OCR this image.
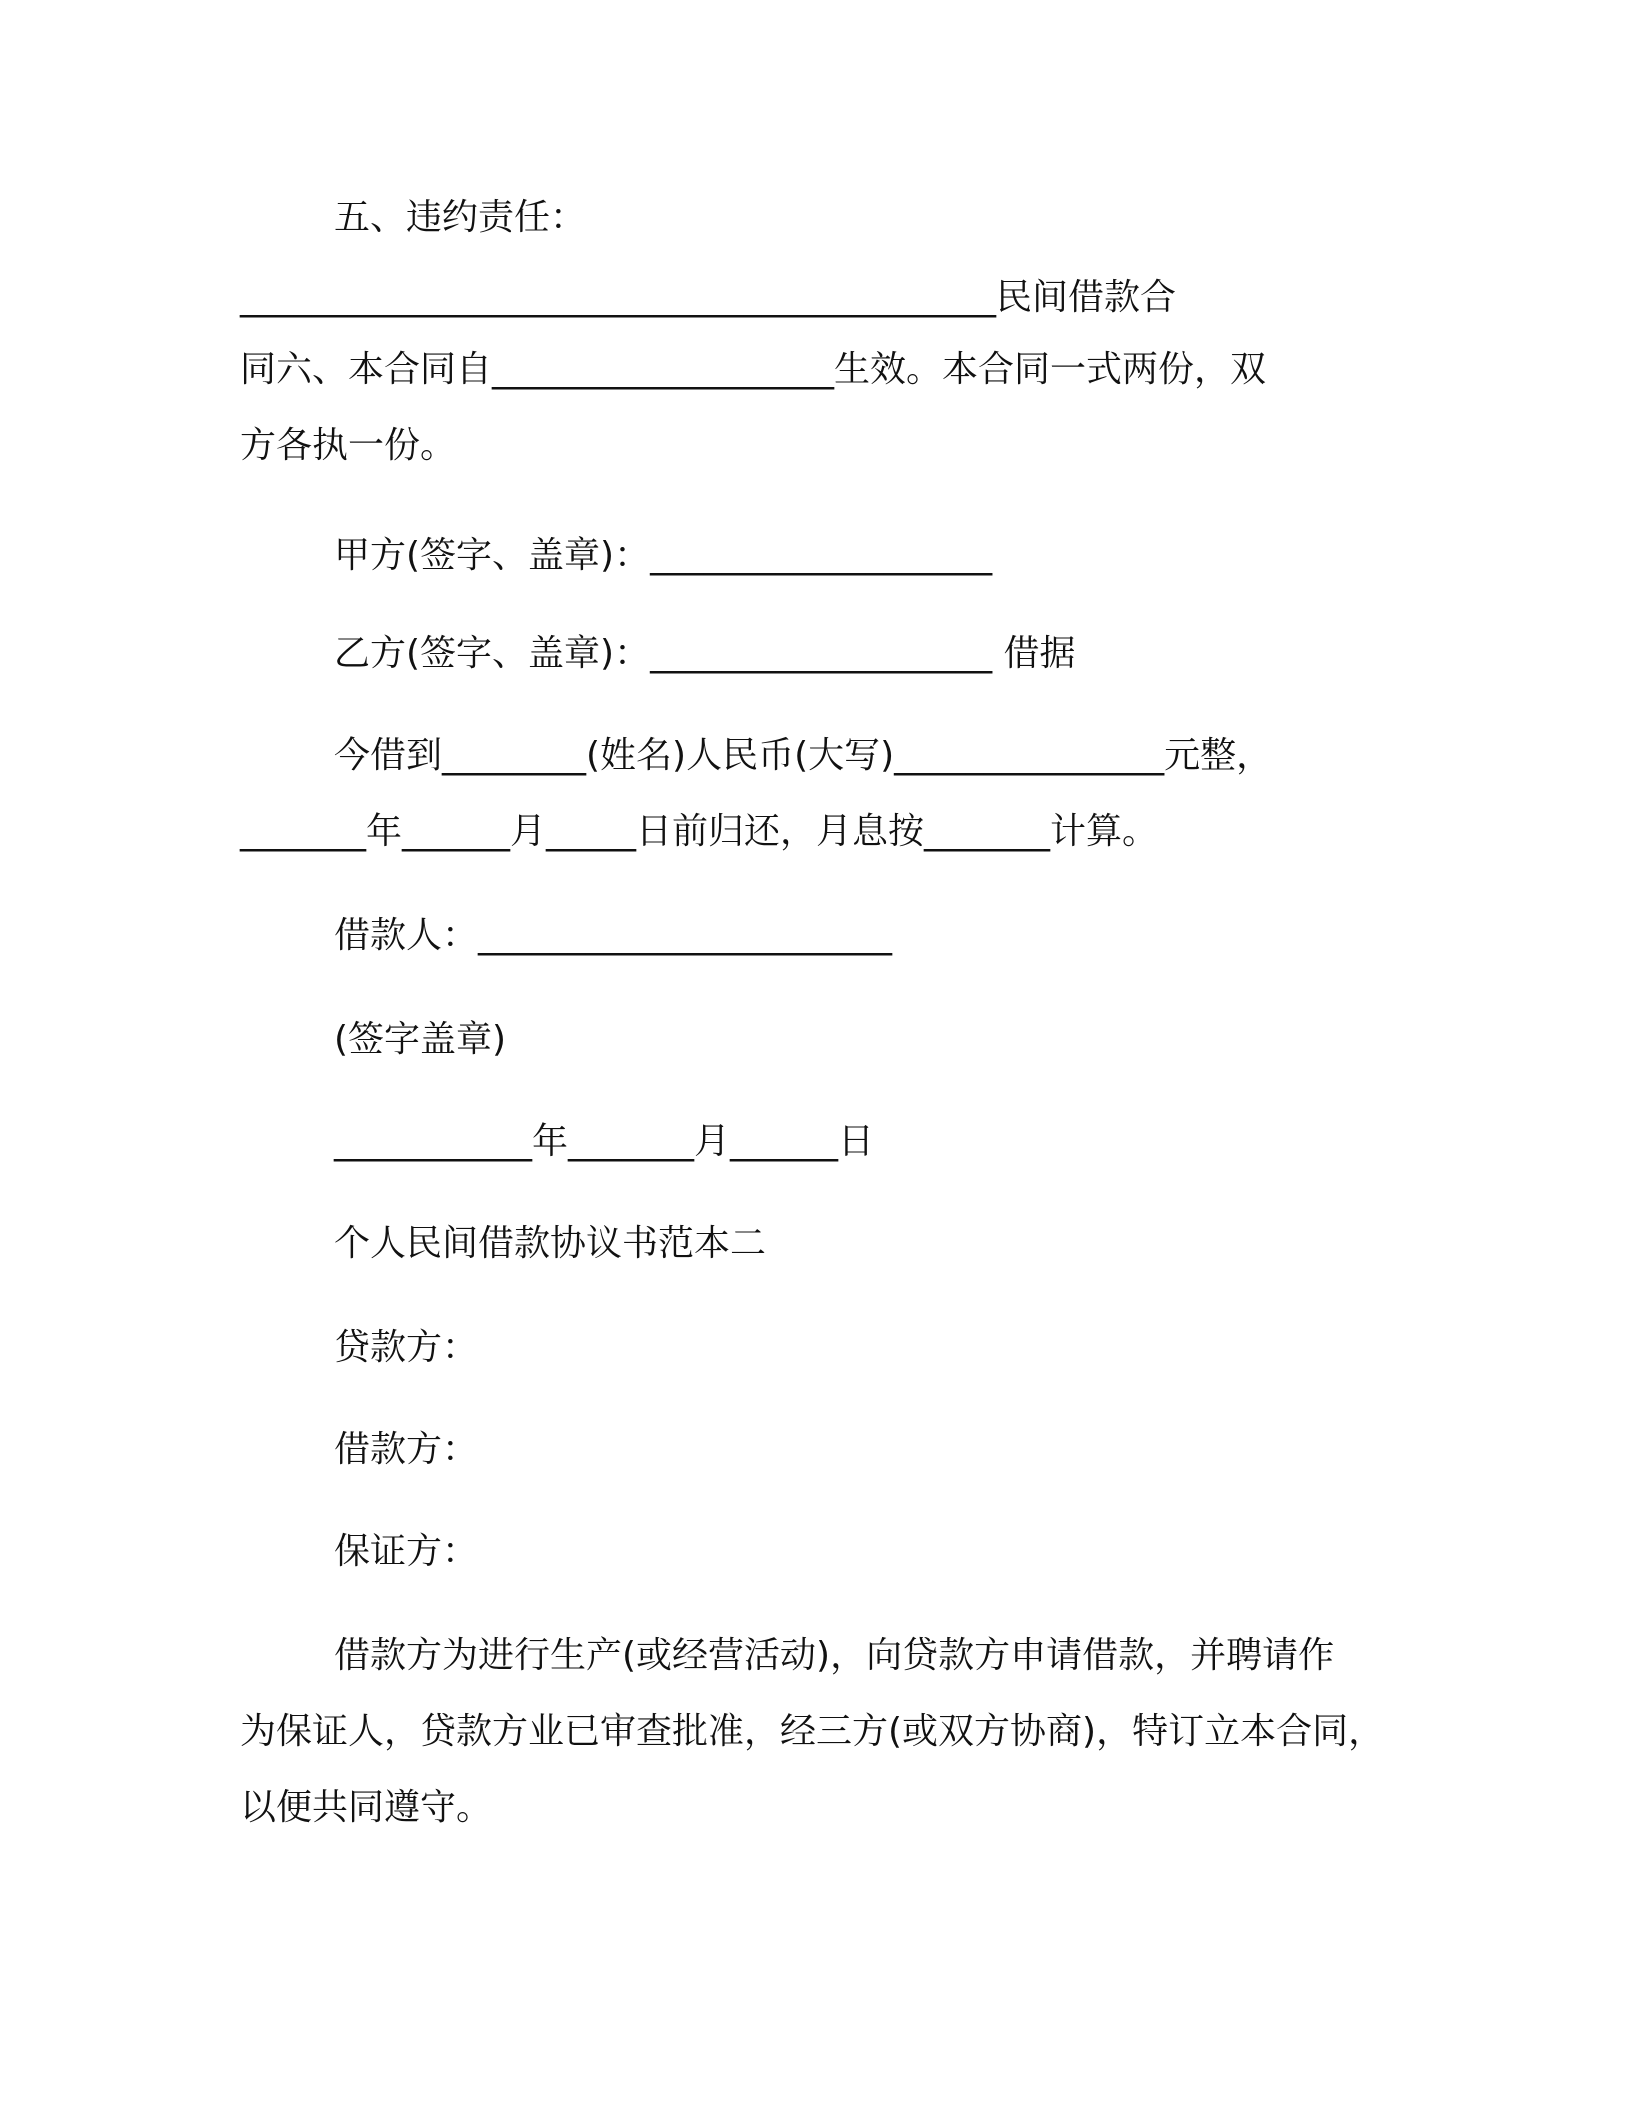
五、违约责任：

__________________________________________民间借款合

同六、本合同自___________________生效。本合同一式两份，双

方各执一份。

甲方(签字、盖章)：___________________

乙方(签字、盖章)：___________________ 借据

今借到________(姓名)人民币(大写)_______________元整，

_______年______月_____日前归还，月息按_______计算。

借款人：_______________________

(签字盖章)

___________年_______月______日

个人民间借款协议书范本二

贷款方：

借款方：

保证方：

借款方为进行生产(或经营活动)，向贷款方申请借款，并聘请作

为保证人，贷款方业已审查批准，经三方(或双方协商)，特订立本合同，

以便共同遵守。
